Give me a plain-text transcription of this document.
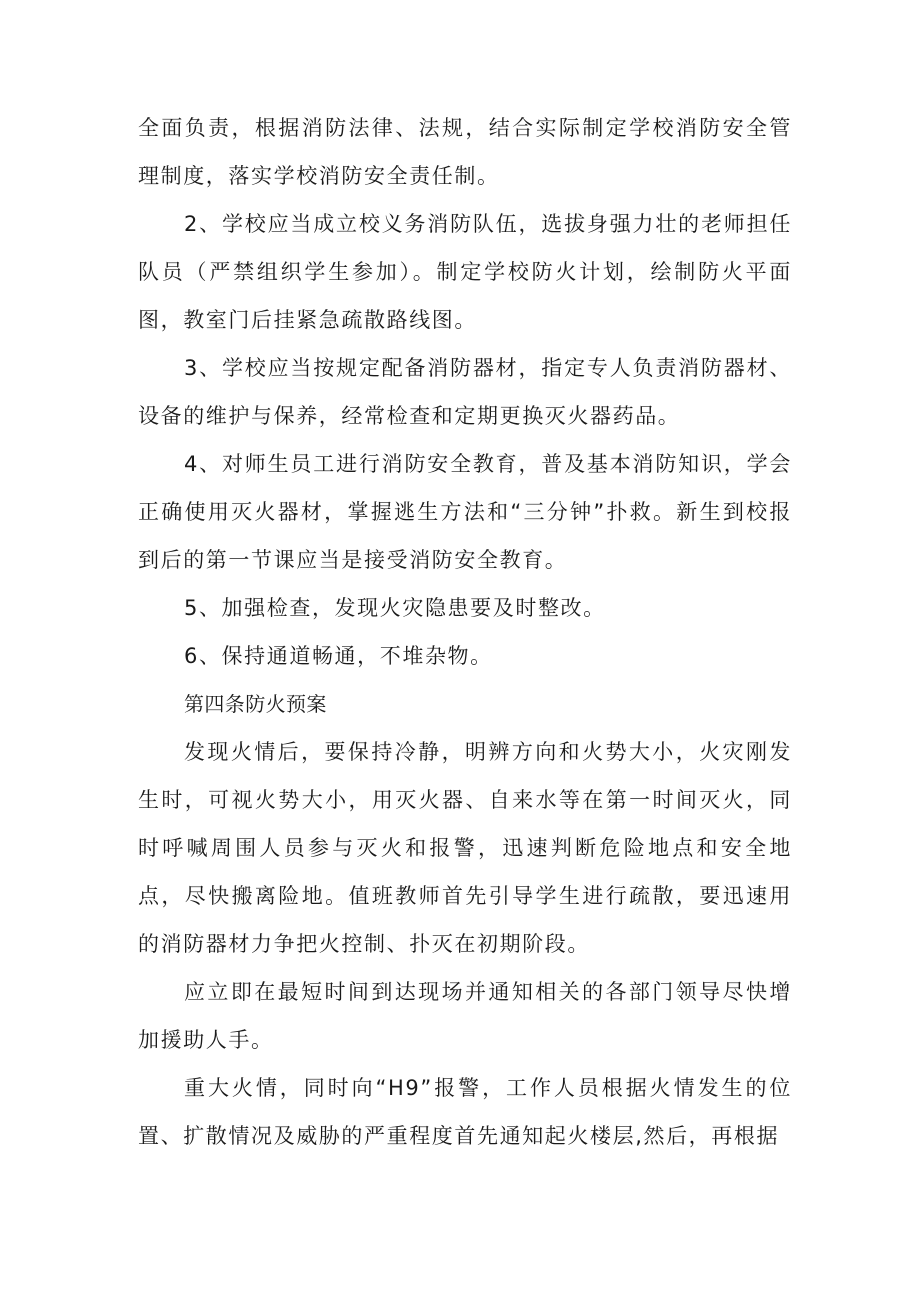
全面负责，根据消防法律、法规，结合实际制定学校消防安全管理制度，落实学校消防安全责任制。

2、学校应当成立校义务消防队伍，选拔身强力壮的老师担任队员（严禁组织学生参加）。制定学校防火计划，绘制防火平面图，教室门后挂紧急疏散路线图。

3、学校应当按规定配备消防器材，指定专人负责消防器材、设备的维护与保养，经常检查和定期更换灭火器药品。

4、对师生员工进行消防安全教育，普及基本消防知识，学会正确使用灭火器材，掌握逃生方法和“三分钟”扑救。新生到校报到后的第一节课应当是接受消防安全教育。

5、加强检查，发现火灾隐患要及时整改。

6、保持通道畅通，不堆杂物。

第四条防火预案

发现火情后，要保持冷静，明辨方向和火势大小，火灾刚发生时，可视火势大小，用灭火器、自来水等在第一时间灭火，同时呼喊周围人员参与灭火和报警，迅速判断危险地点和安全地点，尽快搬离险地。值班教师首先引导学生进行疏散，要迅速用的消防器材力争把火控制、扑灭在初期阶段。

应立即在最短时间到达现场并通知相关的各部门领导尽快增加援助人手。

重大火情，同时向“H9”报警，工作人员根据火情发生的位置、扩散情况及威胁的严重程度首先通知起火楼层,然后，再根据
